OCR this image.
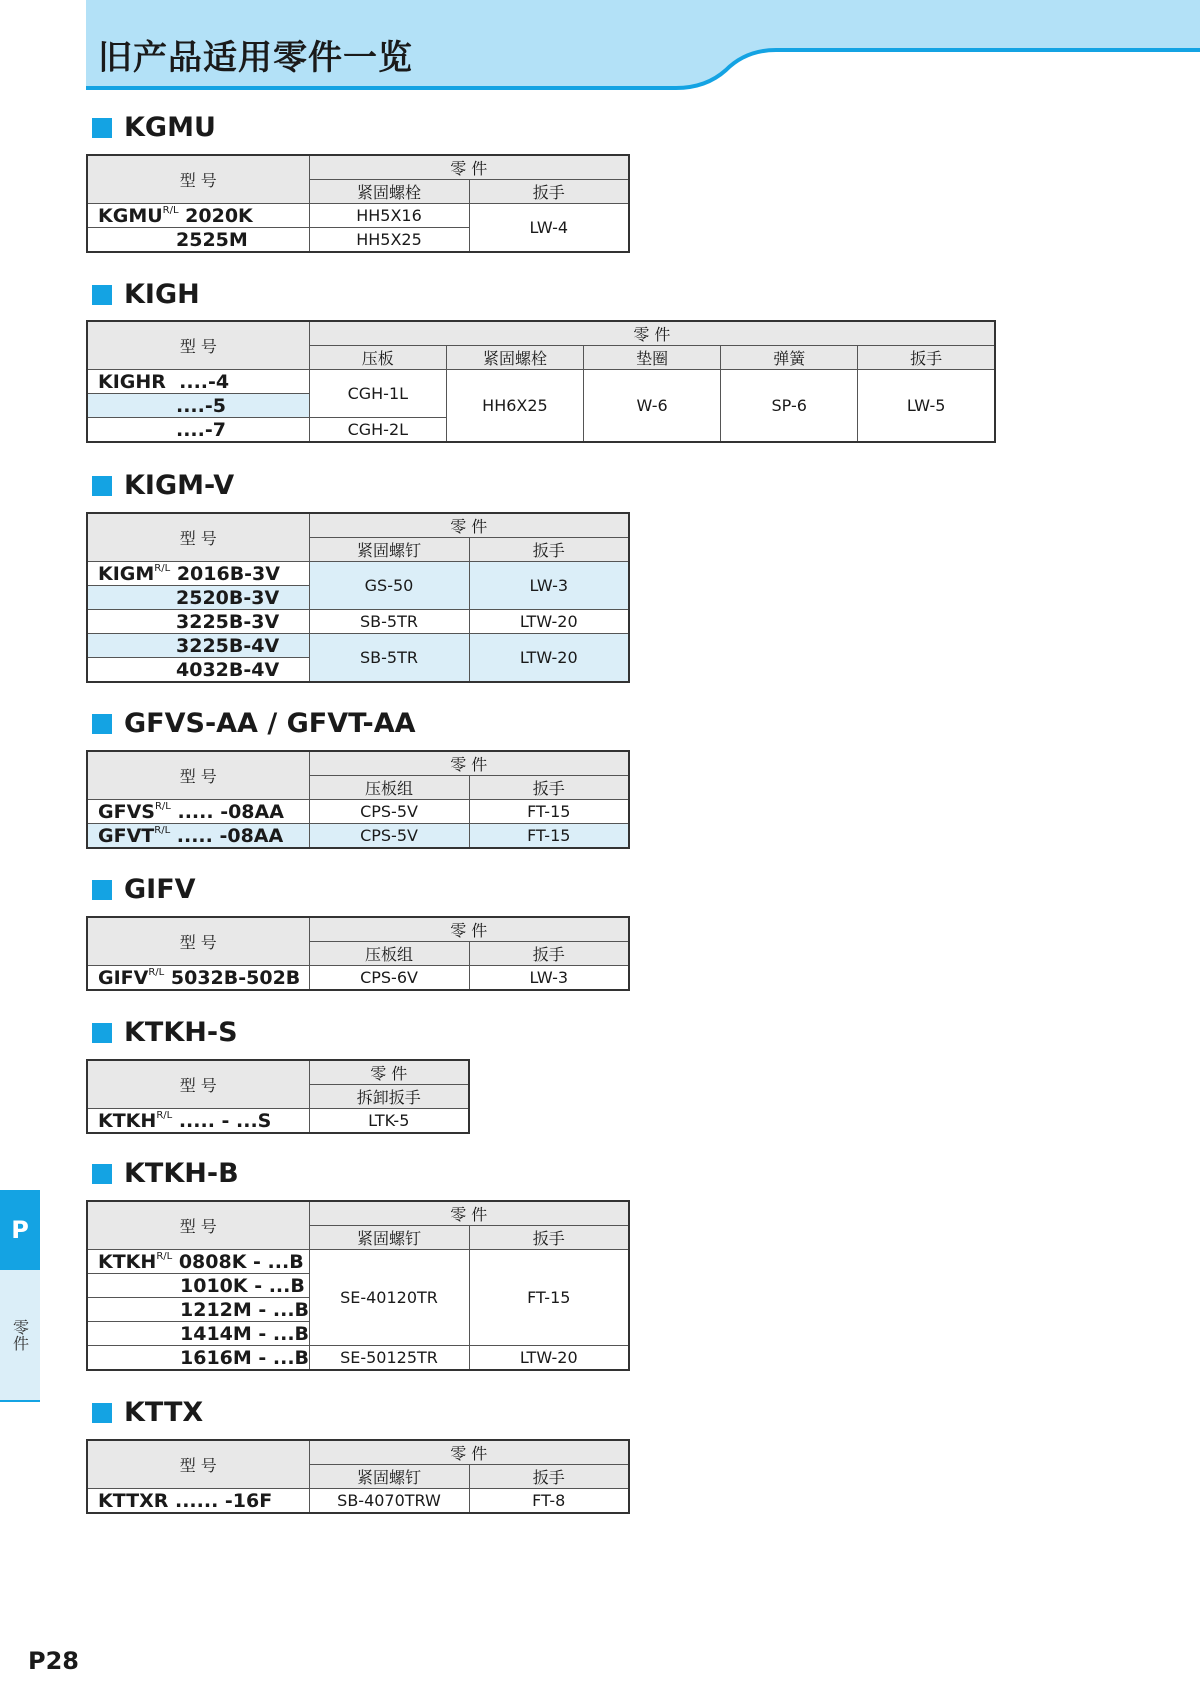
旧产品适用零件一览
KGMU
型 号	零 件	
	紧固螺栓	扳手
$KGMU^{R/L}$ 2020K	HH5X16	LW-4
2525M	HH5X25	
KIGH
型 号	零 件				
	压板	紧固螺栓	垫圈	弹簧	扳手
KIGHR ....-4	CGH-1L	HH6X25	W-6	SP-6	LW-5
....-5					
....-7	CGH-2L				
KIGM-V
型 号	零 件	
	紧固螺钉	扳手
$KIGM^{R/L}$ 2016B-3V	GS-50	LW-3
2520B-3V		
3225B-3V	SB-5TR	LTW-20
3225B-4V	SB-5TR	LTW-20
4032B-4V		
GFVS-AA / GFVT-AA
型 号	零 件	
	压板组	扳手
$GFVS^{R/L}$ ..... -08AA	CPS-5V	FT-15
$GFVT^{R/L}$ ..... -08AA	CPS-5V	FT-15
GIFV
型 号	零 件	
	压板组	扳手
$GIFV^{R/L}$ 5032B-502B	CPS-6V	LW-3
KTKH-S
型 号	零 件
	拆卸扳手
$KTKH^{R/L}$ ..... - ...S	LTK-5
KTKH-B
型 号	零 件	
	紧固螺钉	扳手
$KTKH^{R/L}$ 0808K - ...B	SE-40120TR	FT-15
1010K - ...B		
1212M - ...B		
1414M - ...B		
1616M - ...B	SE-50125TR	LTW-20
KTTX
型 号	零 件	
	紧固螺钉	扳手
KTTXR ...... -16F	SB-4070TRW	FT-8
P
零件
P28
